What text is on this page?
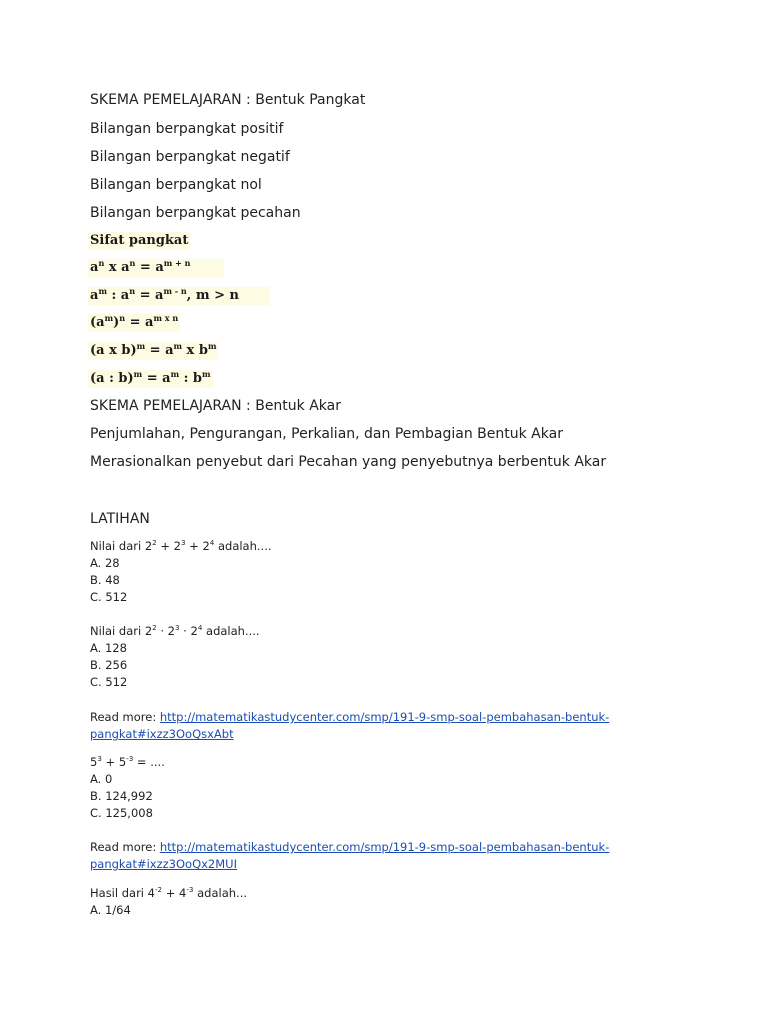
SKEMA PEMELAJARAN : Bentuk Pangkat
Bilangan berpangkat positif
Bilangan berpangkat negatif
Bilangan berpangkat nol
Bilangan berpangkat pecahan
Sifat pangkat
$a^n$ x $a^n = a^{m + n}$
$a^m$ : $a^n = a^{m - n}$, m > n
$(a^m)^n = a^{m x n}$
(a x $b)^m = a^m$ x $b^m$
(a : $b)^m = a^m$ : $b^m$
SKEMA PEMELAJARAN : Bentuk Akar
Penjumlahan, Pengurangan, Perkalian, dan Pembagian Bentuk Akar
Merasionalkan penyebut dari Pecahan yang penyebutnya berbentuk Akar
LATIHAN
Nilai dari $2^2 + 2^3 + 2^4$ adalah....
A. 28
B. 48
C. 512
Nilai dari $2^2 \cdot 2^3 \cdot 2^4$ adalah....
A. 128
B. 256
C. 512
Read more: http://matematikastudycenter.com/smp/191-9-smp-soal-pembahasan-bentuk-
pangkat#ixzz3OoQsxAbt
$5^3 + 5^{-3}$ = ....
A. 0
B. 124,992
C. 125,008
Read more: http://matematikastudycenter.com/smp/191-9-smp-soal-pembahasan-bentuk-
pangkat#ixzz3OoQx2MUI
Hasil dari $4^{-2} + 4^{-3}$ adalah...
A. 1/64
